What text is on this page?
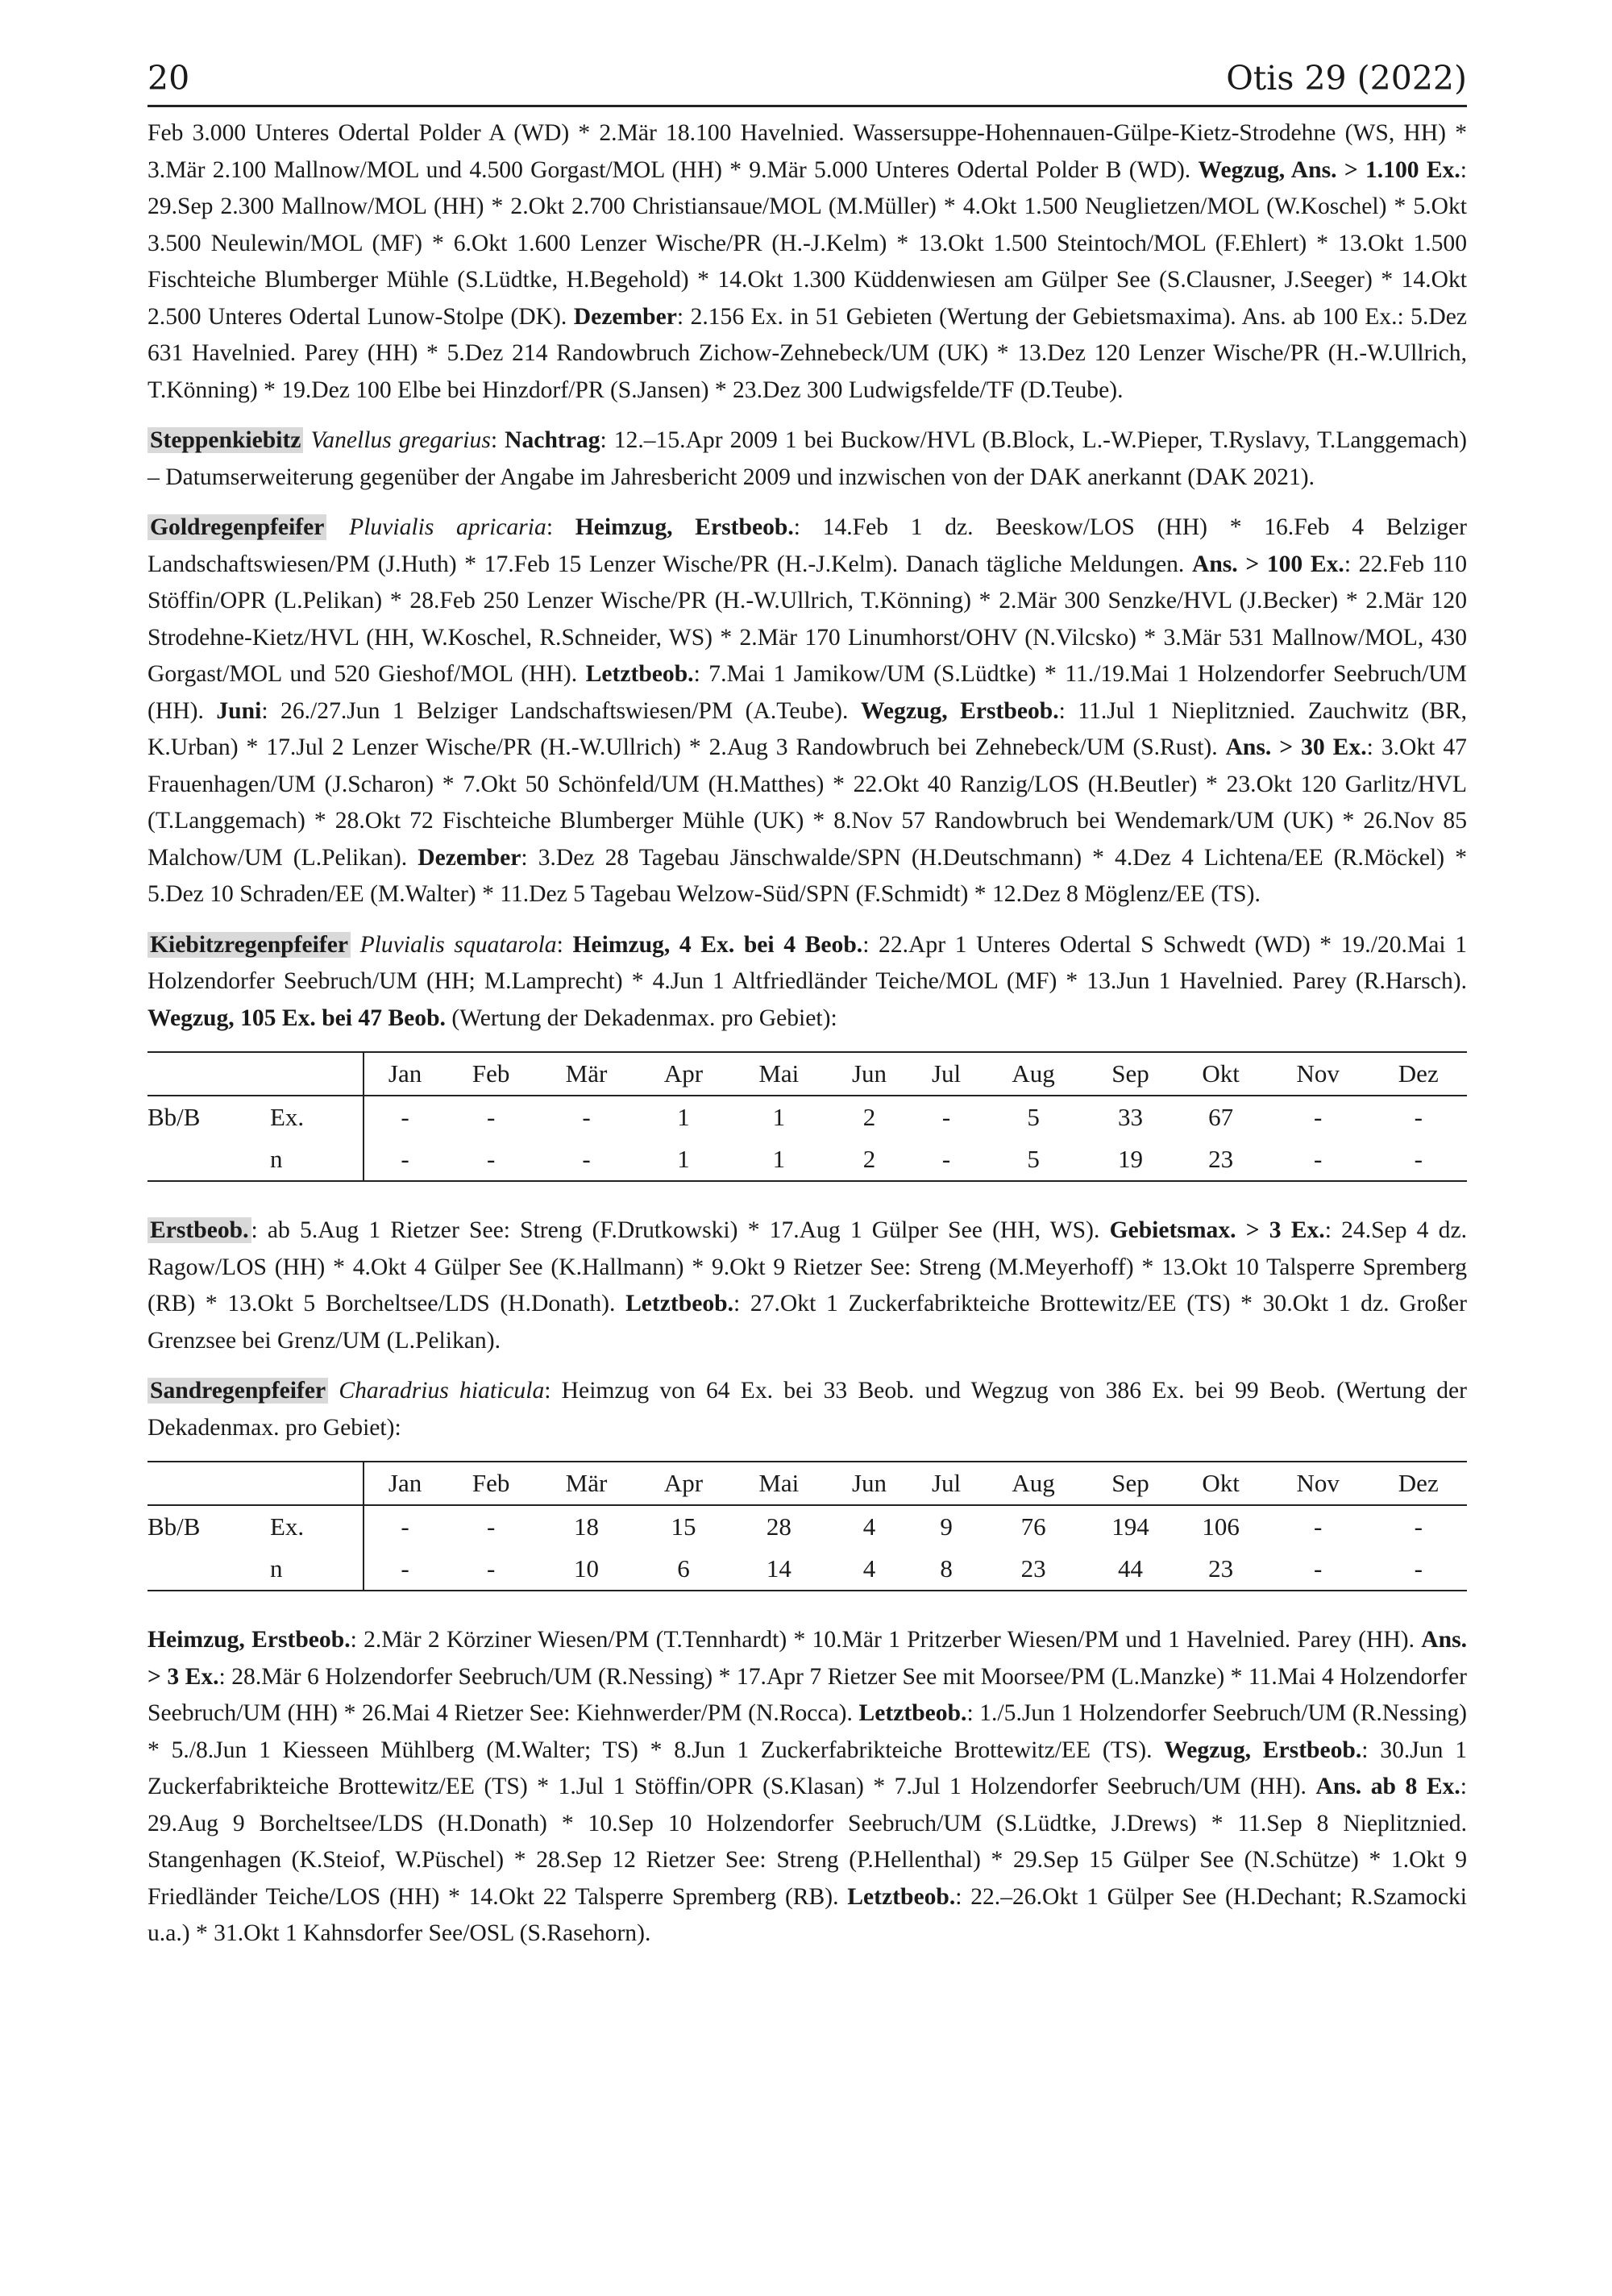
20	Otis 29 (2022)

Feb 3.000 Unteres Odertal Polder A (WD) * 2.Mär 18.100 Havelnied. Wassersuppe-Hohennauen-Gülpe-Kietz-Strodehne (WS, HH) * 3.Mär 2.100 Mallnow/MOL und 4.500 Gorgast/MOL (HH) * 9.Mär 5.000 Unteres Odertal Polder B (WD). Wegzug, Ans. > 1.100 Ex.: 29.Sep 2.300 Mallnow/MOL (HH) * 2.Okt 2.700 Christiansaue/MOL (M.Müller) * 4.Okt 1.500 Neuglietzen/MOL (W.Koschel) * 5.Okt 3.500 Neulewin/MOL (MF) * 6.Okt 1.600 Lenzer Wische/PR (H.-J.Kelm) * 13.Okt 1.500 Steintoch/MOL (F.Ehlert) * 13.Okt 1.500 Fischteiche Blumberger Mühle (S.Lüdtke, H.Begehold) * 14.Okt 1.300 Küddenwiesen am Gülper See (S.Clausner, J.Seeger) * 14.Okt 2.500 Unteres Odertal Lunow-Stolpe (DK). Dezember: 2.156 Ex. in 51 Gebieten (Wertung der Gebietsmaxima). Ans. ab 100 Ex.: 5.Dez 631 Havelnied. Parey (HH) * 5.Dez 214 Randowbruch Zichow-Zehnebeck/UM (UK) * 13.Dez 120 Lenzer Wische/PR (H.-W.Ullrich, T.Könning) * 19.Dez 100 Elbe bei Hinzdorf/PR (S.Jansen) * 23.Dez 300 Ludwigsfelde/TF (D.Teube).

Steppenkiebitz Vanellus gregarius: Nachtrag: 12.–15.Apr 2009 1 bei Buckow/HVL (B.Block, L.-W.Pieper, T.Ryslavy, T.Langgemach) – Datumserweiterung gegenüber der Angabe im Jahresbericht 2009 und inzwischen von der DAK anerkannt (DAK 2021).

Goldregenpfeifer Pluvialis apricaria: Heimzug, Erstbeob.: 14.Feb 1 dz. Beeskow/LOS (HH) * 16.Feb 4 Belziger Landschaftswiesen/PM (J.Huth) * 17.Feb 15 Lenzer Wische/PR (H.-J.Kelm). Danach tägliche Meldungen. Ans. > 100 Ex.: 22.Feb 110 Stöffin/OPR (L.Pelikan) * 28.Feb 250 Lenzer Wische/PR (H.-W.Ullrich, T.Könning) * 2.Mär 300 Senzke/HVL (J.Becker) * 2.Mär 120 Strodehne-Kietz/HVL (HH, W.Koschel, R.Schneider, WS) * 2.Mär 170 Linumhorst/OHV (N.Vilcsko) * 3.Mär 531 Mallnow/MOL, 430 Gorgast/MOL und 520 Gieshof/MOL (HH). Letztbeob.: 7.Mai 1 Jamikow/UM (S.Lüdtke) * 11./19.Mai 1 Holzendorfer Seebruch/UM (HH). Juni: 26./27.Jun 1 Belziger Landschaftswiesen/PM (A.Teube). Wegzug, Erstbeob.: 11.Jul 1 Nieplitznied. Zauchwitz (BR, K.Urban) * 17.Jul 2 Lenzer Wische/PR (H.-W.Ullrich) * 2.Aug 3 Randowbruch bei Zehnebeck/UM (S.Rust). Ans. > 30 Ex.: 3.Okt 47 Frauenhagen/UM (J.Scharon) * 7.Okt 50 Schönfeld/UM (H.Matthes) * 22.Okt 40 Ranzig/LOS (H.Beutler) * 23.Okt 120 Garlitz/HVL (T.Langgemach) * 28.Okt 72 Fischteiche Blumberger Mühle (UK) * 8.Nov 57 Randowbruch bei Wendemark/UM (UK) * 26.Nov 85 Malchow/UM (L.Pelikan). Dezember: 3.Dez 28 Tagebau Jänschwalde/SPN (H.Deutschmann) * 4.Dez 4 Lichtena/EE (R.Möckel) * 5.Dez 10 Schraden/EE (M.Walter) * 11.Dez 5 Tagebau Welzow-Süd/SPN (F.Schmidt) * 12.Dez 8 Möglenz/EE (TS).

Kiebitzregenpfeifer Pluvialis squatarola: Heimzug, 4 Ex. bei 4 Beob.: 22.Apr 1 Unteres Odertal S Schwedt (WD) * 19./20.Mai 1 Holzendorfer Seebruch/UM (HH; M.Lamprecht) * 4.Jun 1 Altfriedländer Teiche/MOL (MF) * 13.Jun 1 Havelnied. Parey (R.Harsch). Wegzug, 105 Ex. bei 47 Beob. (Wertung der Dekadenmax. pro Gebiet):

		Jan	Feb	Mär	Apr	Mai	Jun	Jul	Aug	Sep	Okt	Nov	Dez
Bb/B	Ex.	-	-	-	1	1	2	-	5	33	67	-	-
	n	-	-	-	1	1	2	-	5	19	23	-	-

Erstbeob. : ab 5.Aug 1 Rietzer See: Streng (F.Drutkowski) * 17.Aug 1 Gülper See (HH, WS). Gebietsmax. > 3 Ex.: 24.Sep 4 dz. Ragow/LOS (HH) * 4.Okt 4 Gülper See (K.Hallmann) * 9.Okt 9 Rietzer See: Streng (M.Meyerhoff) * 13.Okt 10 Talsperre Spremberg (RB) * 13.Okt 5 Borcheltsee/LDS (H.Donath). Letztbeob.: 27.Okt 1 Zuckerfabrikteiche Brottewitz/EE (TS) * 30.Okt 1 dz. Großer Grenzsee bei Grenz/UM (L.Pelikan).

Sandregenpfeifer Charadrius hiaticula: Heimzug von 64 Ex. bei 33 Beob. und Wegzug von 386 Ex. bei 99 Beob. (Wertung der Dekadenmax. pro Gebiet):

		Jan	Feb	Mär	Apr	Mai	Jun	Jul	Aug	Sep	Okt	Nov	Dez
Bb/B	Ex.	-	-	18	15	28	4	9	76	194	106	-	-
	n	-	-	10	6	14	4	8	23	44	23	-	-

Heimzug, Erstbeob.: 2.Mär 2 Körziner Wiesen/PM (T.Tennhardt) * 10.Mär 1 Pritzerber Wiesen/PM und 1 Havelnied. Parey (HH). Ans. > 3 Ex.: 28.Mär 6 Holzendorfer Seebruch/UM (R.Nessing) * 17.Apr 7 Rietzer See mit Moorsee/PM (L.Manzke) * 11.Mai 4 Holzendorfer Seebruch/UM (HH) * 26.Mai 4 Rietzer See: Kiehnwerder/PM (N.Rocca). Letztbeob.: 1./5.Jun 1 Holzendorfer Seebruch/UM (R.Nessing) * 5./8.Jun 1 Kiesseen Mühlberg (M.Walter; TS) * 8.Jun 1 Zuckerfabrikteiche Brottewitz/EE (TS). Wegzug, Erstbeob.: 30.Jun 1 Zuckerfabrikteiche Brottewitz/EE (TS) * 1.Jul 1 Stöffin/OPR (S.Klasan) * 7.Jul 1 Holzendorfer Seebruch/UM (HH). Ans. ab 8 Ex.: 29.Aug 9 Borcheltsee/LDS (H.Donath) * 10.Sep 10 Holzendorfer Seebruch/UM (S.Lüdtke, J.Drews) * 11.Sep 8 Nieplitznied. Stangenhagen (K.Steiof, W.Püschel) * 28.Sep 12 Rietzer See: Streng (P.Hellenthal) * 29.Sep 15 Gülper See (N.Schütze) * 1.Okt 9 Friedländer Teiche/LOS (HH) * 14.Okt 22 Talsperre Spremberg (RB). Letztbeob.: 22.–26.Okt 1 Gülper See (H.Dechant; R.Szamocki u.a.) * 31.Okt 1 Kahnsdorfer See/OSL (S.Rasehorn).
